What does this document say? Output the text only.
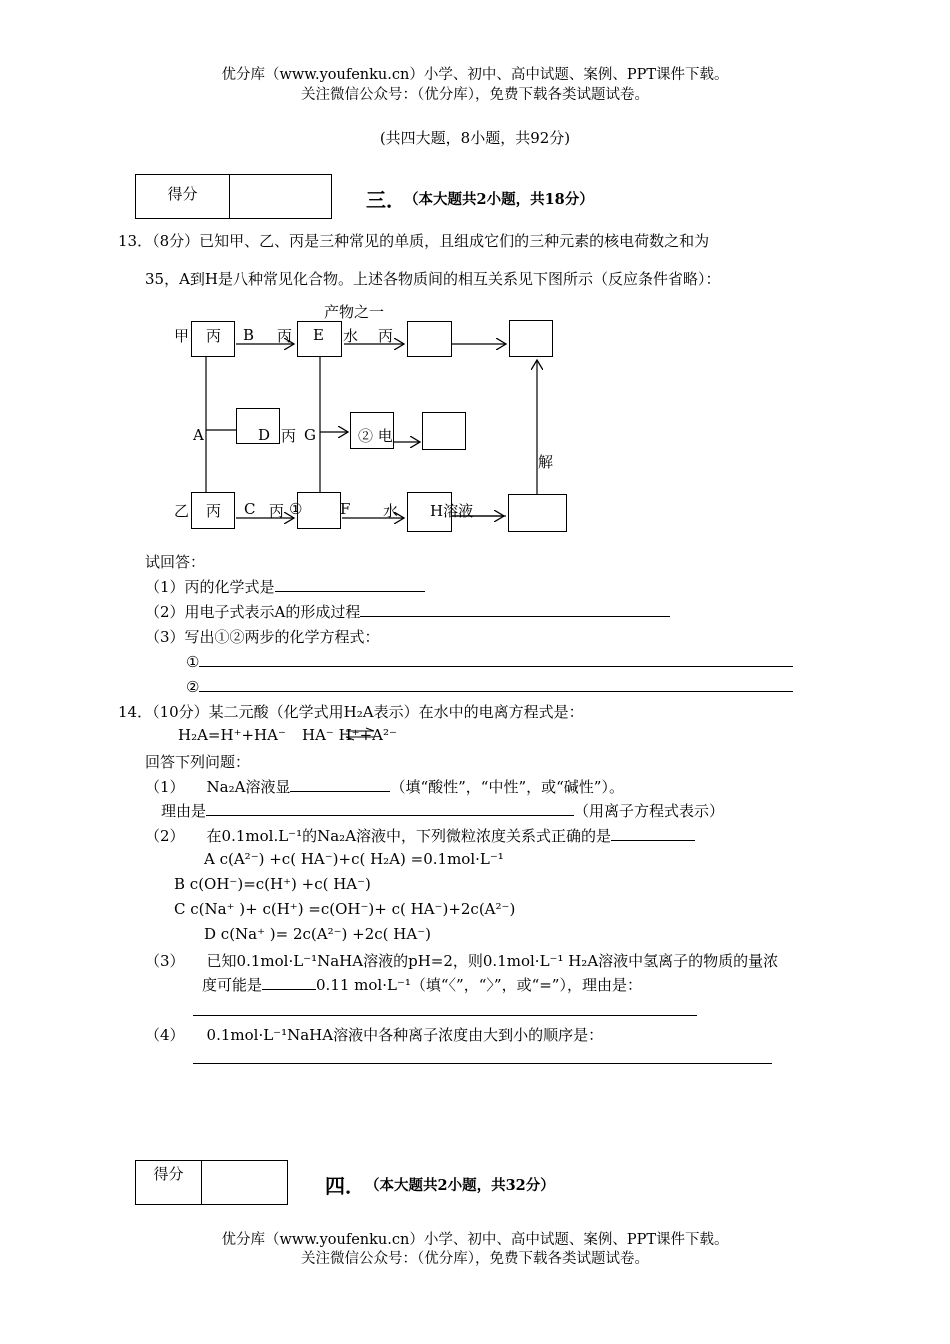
优分库（www.youfenku.cn）小学、初中、高中试题、案例、PPT课件下载。
关注微信公众号：（优分库），免费下载各类试题试卷。
(共四大题，8小题，共92分)
得分	三．
（本大题共2小题，共18分）
13．（8分）已知甲、乙、丙是三种常见的单质，且组成它们的三种元素的核电荷数之和为
35，A到H是八种常见化合物。上述各物质间的相互关系见下图所示（反应条件省略）：
产物之一
甲 丙 B 丙 E 水 丙
A	D 丙 G	② 电
解
乙 丙 C 丙 ①	F 水 H溶液
试回答：
（1）丙的化学式是
（2）用电子式表示A的形成过程
（3）写出①②两步的化学方程式：
①
②
14．（10分）某二元酸（化学式用H₂A表示）在水中的电离方程式是：
H₂A=H⁺+HA⁻ HA⁻ H⁺+A²⁻
回答下列问题：
（1） Na₂A溶液显	（填“酸性”，“中性”，或“碱性”）。
理由是	（用离子方程式表示）
（2） 在0.1mol.L⁻¹的Na₂A溶液中，下列微粒浓度关系式正确的是
A c(A²⁻) +c( HA⁻)+c( H₂A) =0.1mol·L⁻¹
B c(OH⁻)=c(H⁺) +c( HA⁻)
C c(Na⁺ )+ c(H⁺) =c(OH⁻)+ c( HA⁻)+2c(A²⁻)
D c(Na⁺ )= 2c(A²⁻) +2c( HA⁻)
（3） 已知0.1mol·L⁻¹NaHA溶液的pH=2，则0.1mol·L⁻¹ H₂A溶液中氢离子的物质的量浓
度可能是	0.11 mol·L⁻¹（填“〈”，“〉”，或“=”），理由是：
（4） 0.1mol·L⁻¹NaHA溶液中各种离子浓度由大到小的顺序是：
得分	四． （本大题共2小题，共32分）
优分库（www.youfenku.cn）小学、初中、高中试题、案例、PPT课件下载。
关注微信公众号：（优分库），免费下载各类试题试卷。
